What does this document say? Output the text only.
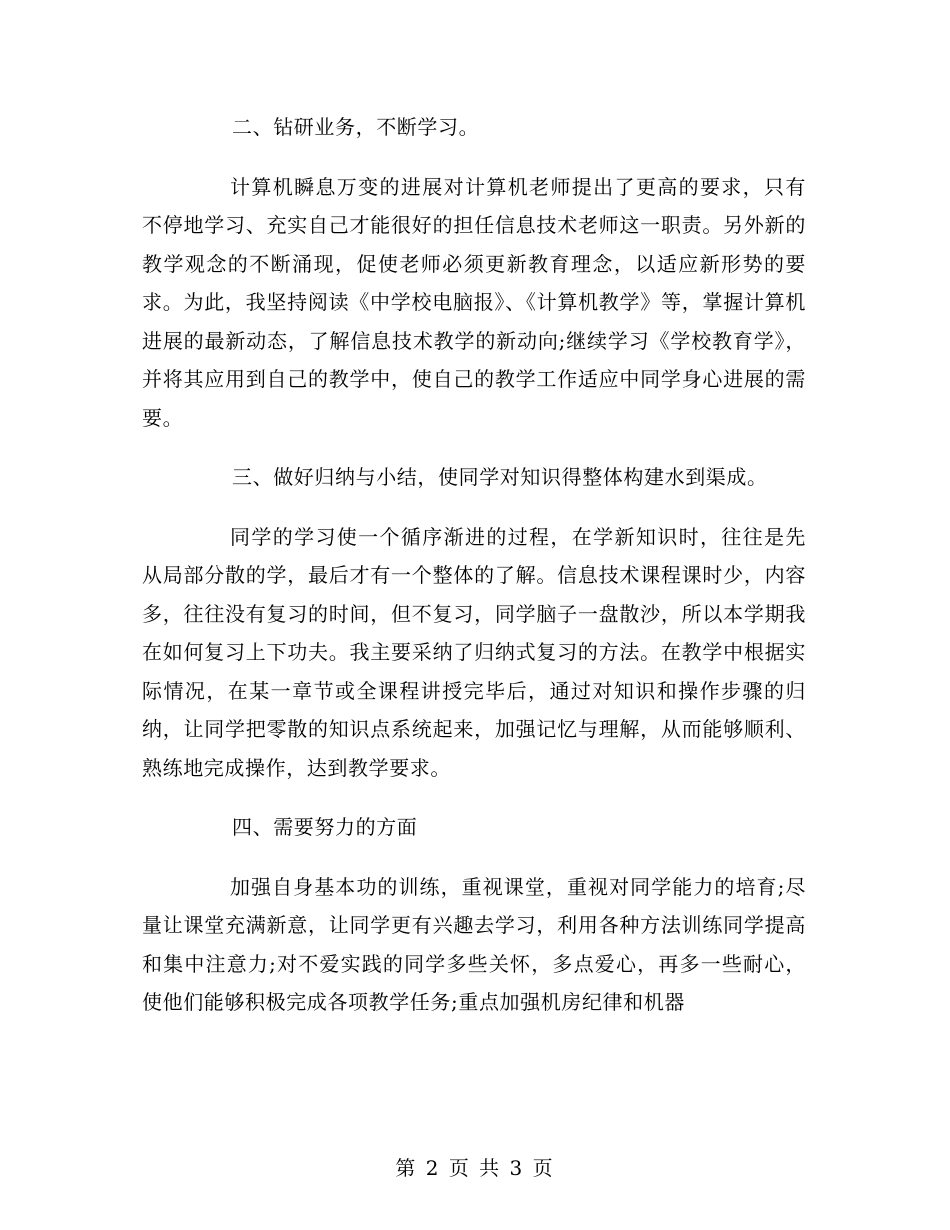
二、钻研业务，不断学习。

计算机瞬息万变的进展对计算机老师提出了更高的要求，只有不停地学习、充实自己才能很好的担任信息技术老师这一职责。另外新的教学观念的不断涌现，促使老师必须更新教育理念，以适应新形势的要求。为此，我坚持阅读《中学校电脑报》、《计算机教学》等，掌握计算机进展的最新动态，了解信息技术教学的新动向;继续学习《学校教育学》，并将其应用到自己的教学中，使自己的教学工作适应中同学身心进展的需要。

三、做好归纳与小结，使同学对知识得整体构建水到渠成。

同学的学习使一个循序渐进的过程，在学新知识时，往往是先从局部分散的学，最后才有一个整体的了解。信息技术课程课时少，内容多，往往没有复习的时间，但不复习，同学脑子一盘散沙，所以本学期我在如何复习上下功夫。我主要采纳了归纳式复习的方法。在教学中根据实际情况，在某一章节或全课程讲授完毕后，通过对知识和操作步骤的归纳，让同学把零散的知识点系统起来，加强记忆与理解，从而能够顺利、熟练地完成操作，达到教学要求。

四、需要努力的方面

加强自身基本功的训练，重视课堂，重视对同学能力的培育;尽量让课堂充满新意，让同学更有兴趣去学习，利用各种方法训练同学提高和集中注意力;对不爱实践的同学多些关怀，多点爱心，再多一些耐心，使他们能够积极完成各项教学任务;重点加强机房纪律和机器

第 2 页 共 3 页
